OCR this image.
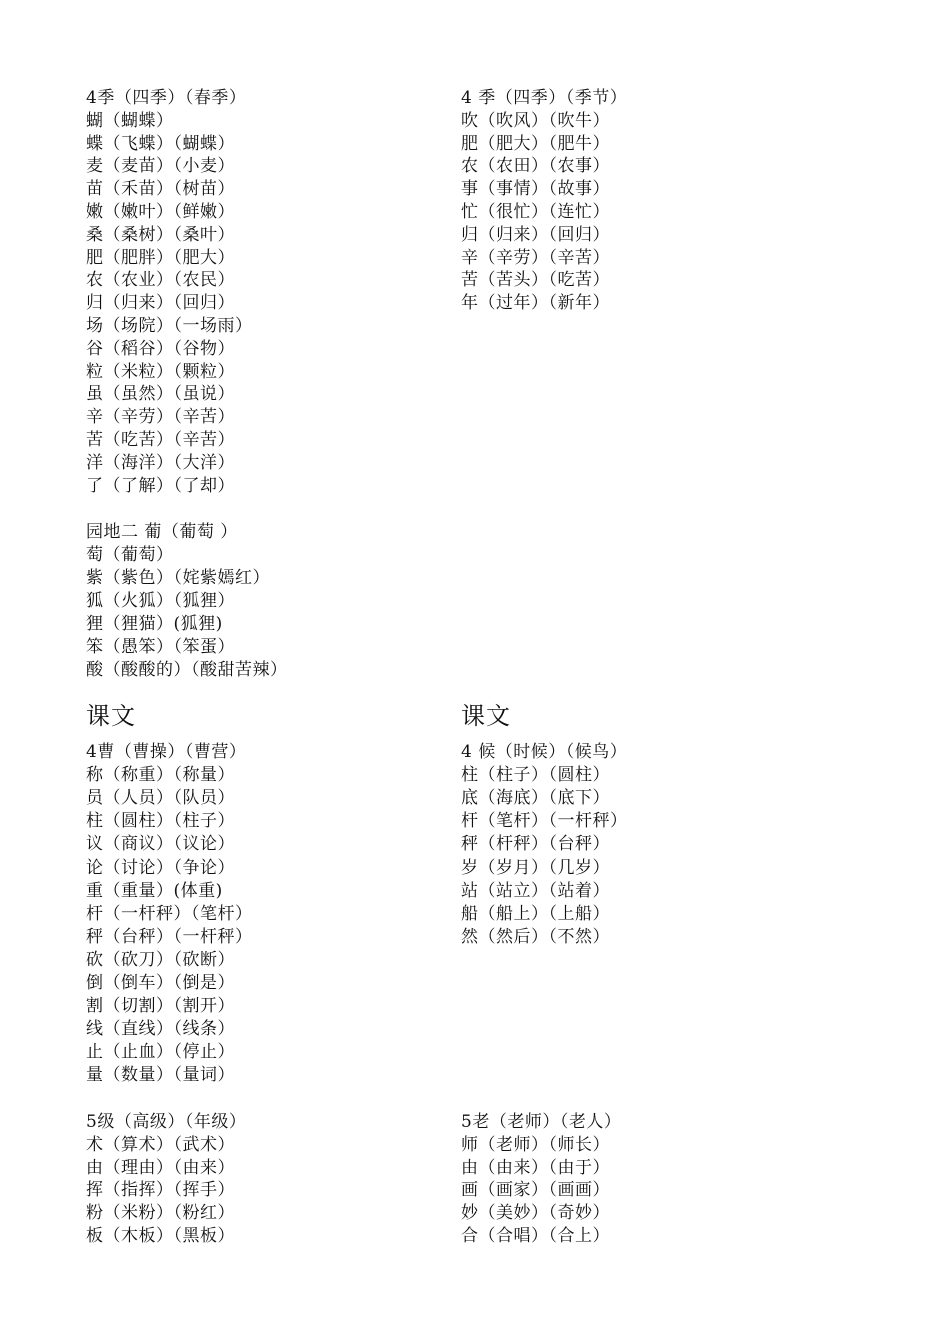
课文
4季（四季）（春季）
蝴（蝴蝶）
蝶（飞蝶）（蝴蝶）
麦（麦苗）（小麦）
苗（禾苗）（树苗）
嫩（嫩叶）（鲜嫩）
桑（桑树）（桑叶）
肥（肥胖）（肥大）
农（农业）（农民）
归（归来）（回归）
场（场院）（一场雨）
谷（稻谷）（谷物）
粒（米粒）（颗粒）
虽（虽然）（虽说）
辛（辛劳）（辛苦）
苦（吃苦）（辛苦）
洋（海洋）（大洋）
了（了解）（了却）
园地二 葡（葡萄 ）
萄（葡萄）
紫（紫色）（姹紫嫣红）
狐（火狐）（狐狸）
狸（狸猫）(狐狸)
笨（愚笨）（笨蛋）
酸（酸酸的）（酸甜苦辣）
4曹（曹操）（曹营）
称（称重）（称量）
员（人员）（队员）
柱（圆柱）（柱子）
议（商议）（议论）
论（讨论）（争论）
重（重量）(体重)
杆（一杆秤）（笔杆）
秤（台秤）（一杆秤）
砍（砍刀）（砍断）
倒（倒车）（倒是）
割（切割）（割开）
线（直线）（线条）
止（止血）（停止）
量（数量）（量词）
5级（高级）（年级）
术（算术）（武术）
由（理由）（由来）
挥（指挥）（挥手）
粉（米粉）（粉红）
板（木板）（黑板）
课文
4 季（四季）（季节）
吹（吹风）（吹牛）
肥（肥大）（肥牛）
农（农田）（农事）
事（事情）（故事）
忙（很忙）（连忙）
归（归来）（回归）
辛（辛劳）（辛苦）
苦（苦头）（吃苦）
年（过年）（新年）
4 候（时候）（候鸟）
柱（柱子）（圆柱）
底（海底）（底下）
杆（笔杆）（一杆秤）
秤（杆秤）（台秤）
岁（岁月）（几岁）
站（站立）（站着）
船（船上）（上船）
然（然后）（不然）
5老（老师）（老人）
师（老师）（师长）
由（由来）（由于）
画（画家）（画画）
妙（美妙）（奇妙）
合（合唱）（合上）
